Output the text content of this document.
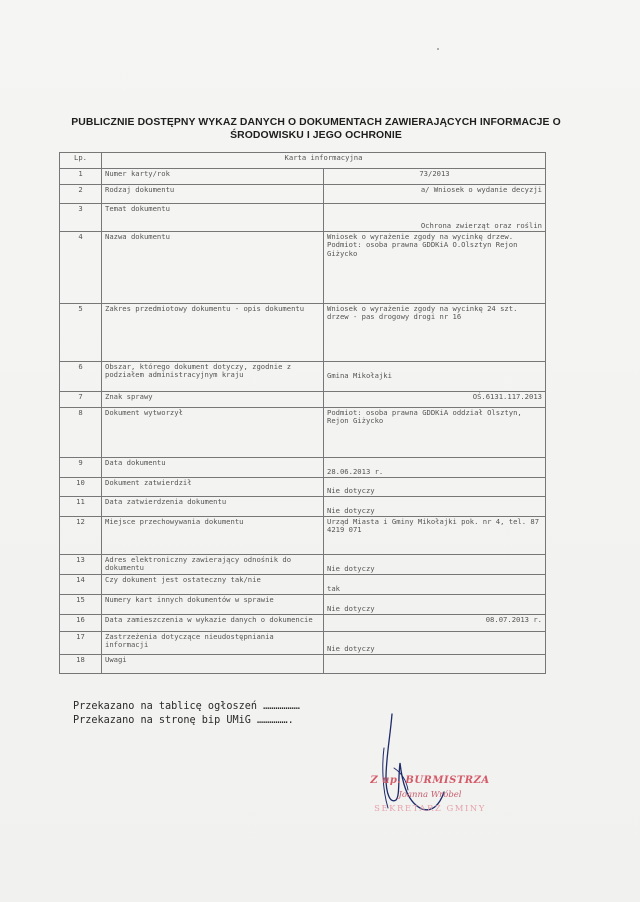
PUBLICZNIE DOSTĘPNY WYKAZ DANYCH O DOKUMENTACH ZAWIERAJĄCYCH INFORMACJE O
ŚRODOWISKU I JEGO OCHRONIE
Lp.	Karta informacyjna	
1	Numer karty/rok	73/2013
2	Rodzaj dokumentu	a/ Wniosek o wydanie decyzji
3	Temat dokumentu	Ochrona zwierząt oraz roślin
4	Nazwa dokumentu	Wniosek o wyrażenie zgody na wycinkę drzew. Podmiot: osoba prawna GDDKiA O.Olsztyn Rejon Giżycko
5	Zakres przedmiotowy dokumentu - opis dokumentu	Wniosek o wyrażenie zgody na wycinkę 24 szt. drzew - pas drogowy drogi nr 16
6	Obszar, którego dokument dotyczy, zgodnie z podziałem administracyjnym kraju	Gmina Mikołajki
7	Znak sprawy	OŚ.6131.117.2013
8	Dokument wytworzył	Podmiot: osoba prawna GDDKiA oddział Olsztyn, Rejon Giżycko
9	Data dokumentu	28.06.2013 r.
10	Dokument zatwierdził	Nie dotyczy
11	Data zatwierdzenia dokumentu	Nie dotyczy
12	Miejsce przechowywania dokumentu	Urząd Miasta i Gminy Mikołajki pok. nr 4, tel. 87 4219 071
13	Adres elektroniczny zawierający odnośnik do dokumentu	Nie dotyczy
14	Czy dokument jest ostateczny tak/nie	tak
15	Numery kart innych dokumentów w sprawie	Nie dotyczy
16	Data zamieszczenia w wykazie danych o dokumencie	08.07.2013 r.
17	Zastrzeżenia dotyczące nieudostępniania informacji	Nie dotyczy
18	Uwagi	
Przekazano na tablicę ogłoszeń ………………
Przekazano na stronę bip UMiG …………….
Z up. BURMISTRZA
Joanna Wróbel
SEKRETARZ GMINY
